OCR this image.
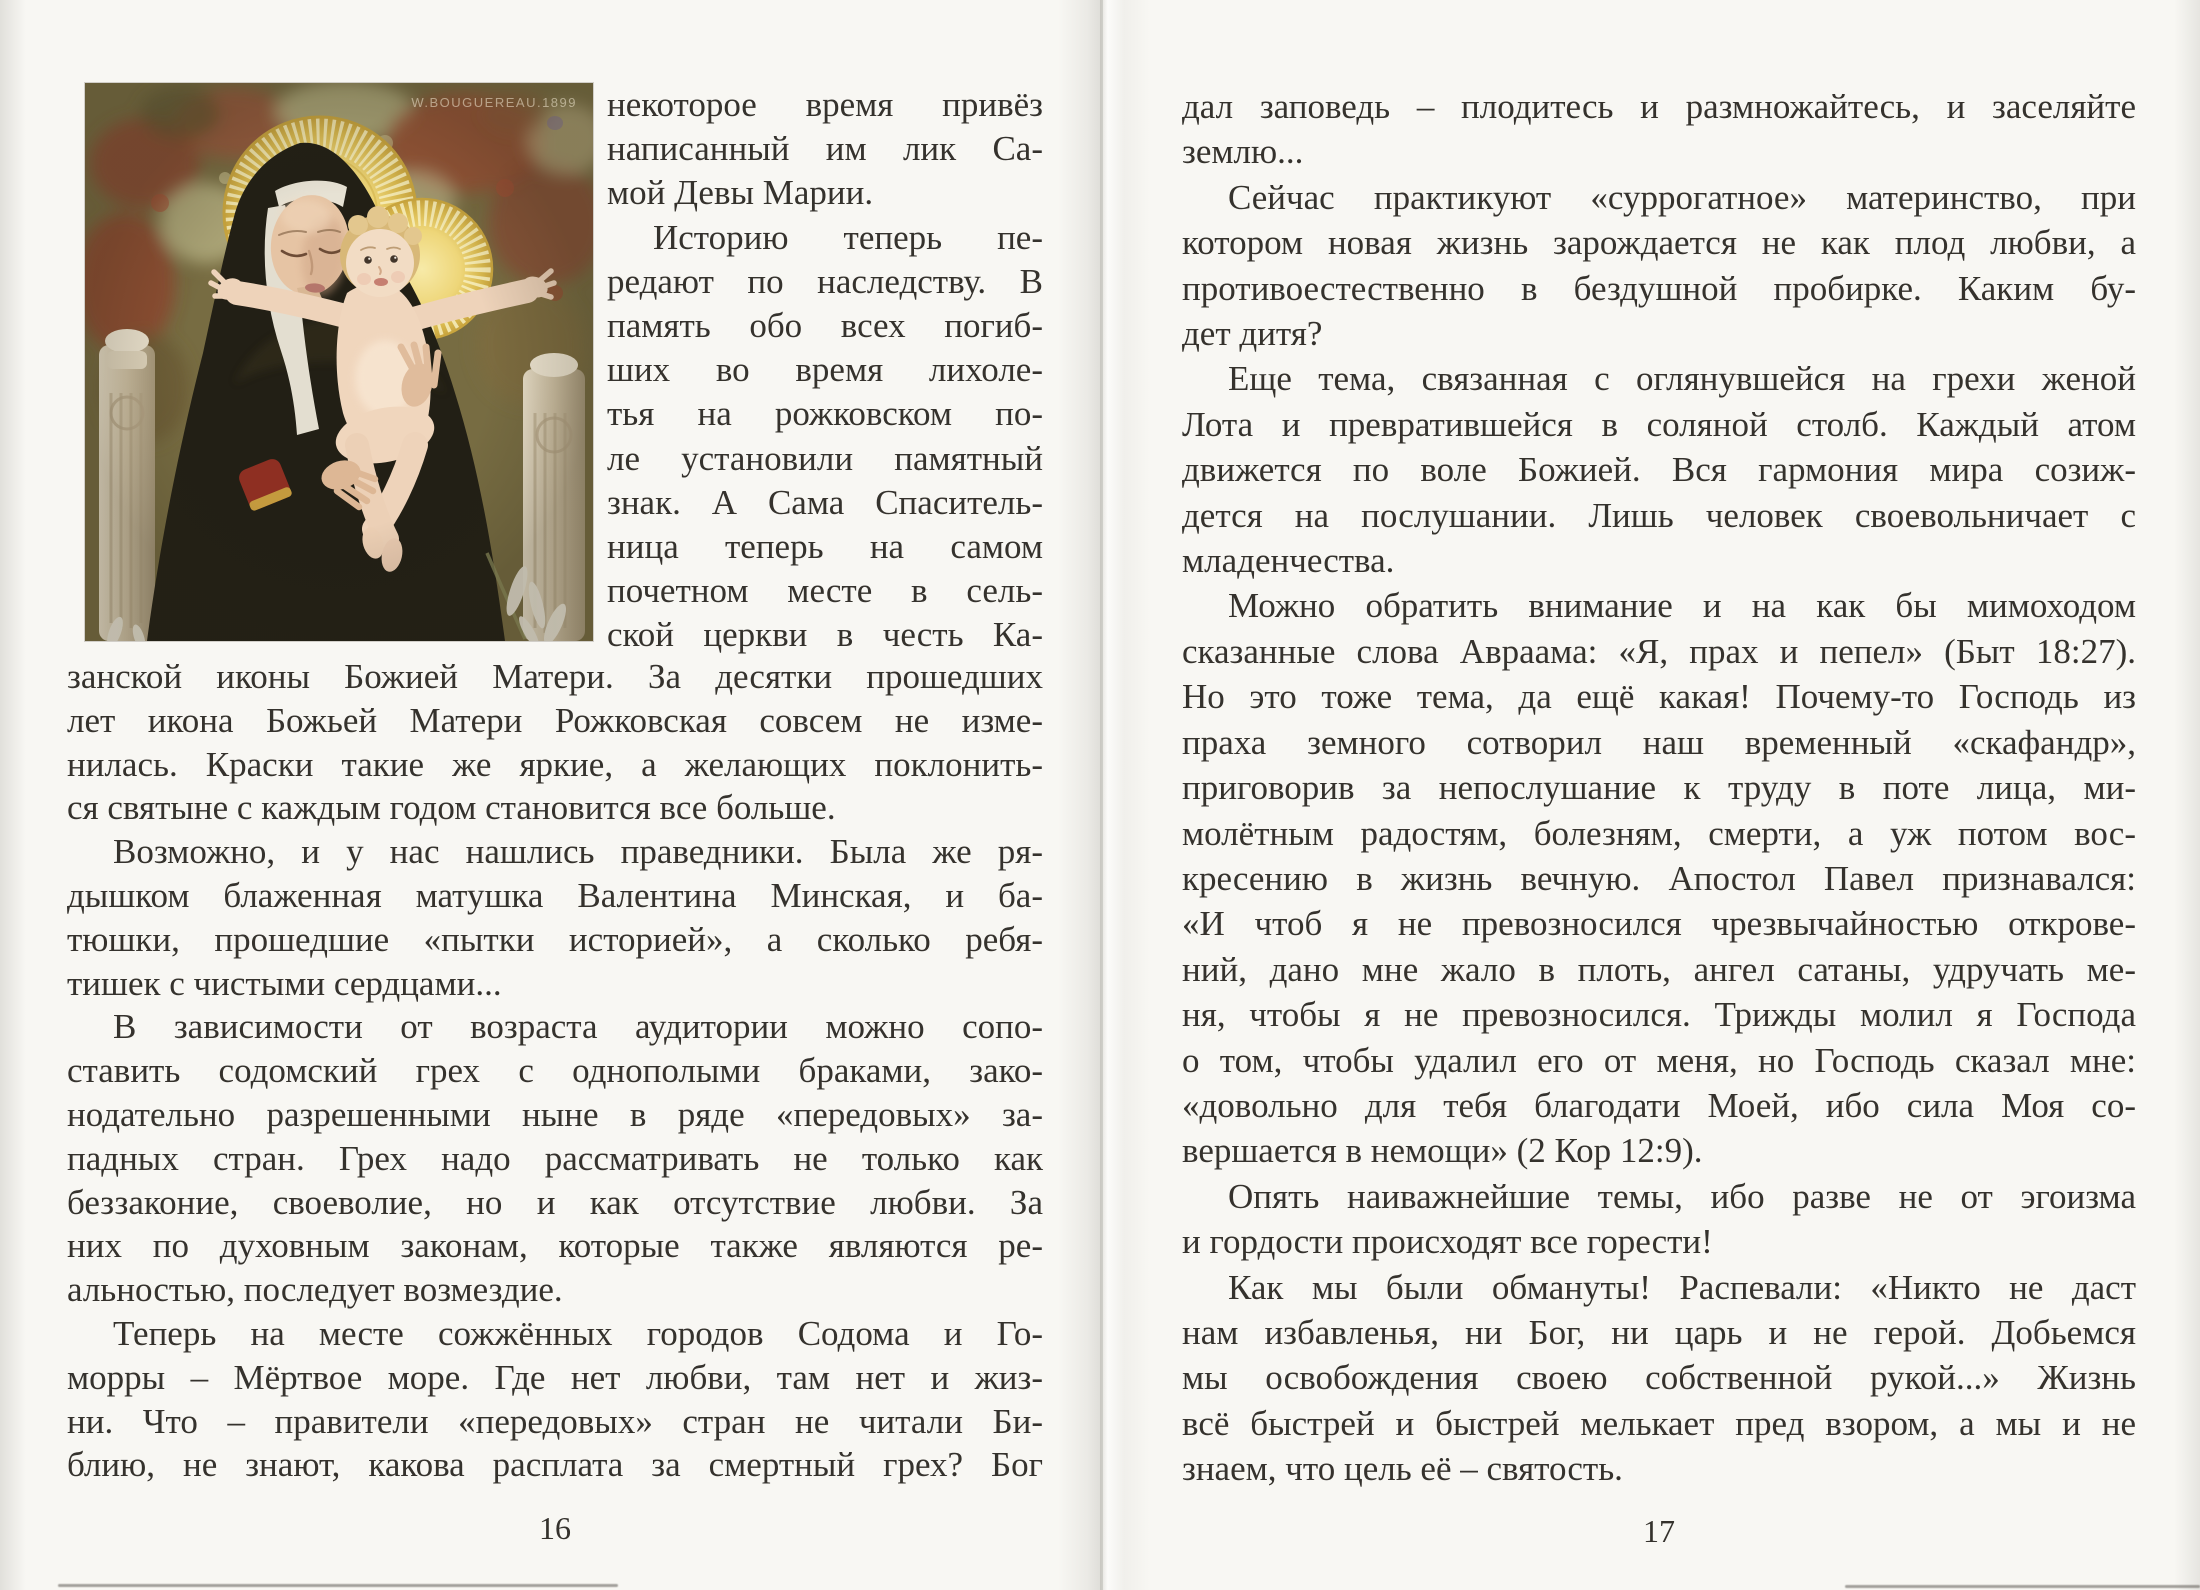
W.BOUGUEREAU.1899 некоторое время привёз
написанный им лик Са-
мой Девы Марии.
Историю теперь пе-
редают по наследству. В
память обо всех погиб-
ших во время лихоле-
тья на рожковском по-
ле установили памятный
знак. А Сама Спаситель-
ница теперь на самом
почетном месте в сель-
ской церкви в честь Ка-
занской иконы Божией Матери. За десятки прошедших
лет икона Божьей Матери Рожковская совсем не изме-
нилась. Краски такие же яркие, а желающих поклонить-
ся святыне с каждым годом становится все больше.
Возможно, и у нас нашлись праведники. Была же ря-
дышком блаженная матушка Валентина Минская, и ба-
тюшки, прошедшие «пытки историей», а сколько ребя-
тишек с чистыми сердцами...
В зависимости от возраста аудитории можно сопо-
ставить содомский грех с однополыми браками, зако-
нодательно разрешенными ныне в ряде «передовых» за-
падных стран. Грех надо рассматривать не только как
беззаконие, своеволие, но и как отсутствие любви. За
них по духовным законам, которые также являются ре-
альностью, последует возмездие.
Теперь на месте сожжённых городов Содома и Го-
морры – Мёртвое море. Где нет любви, там нет и жиз-
ни. Что – правители «передовых» стран не читали Би-
блию, не знают, какова расплата за смертный грех? Бог
16
дал заповедь – плодитесь и размножайтесь, и заселяйте
землю...
Сейчас практикуют «суррогатное» материнство, при
котором новая жизнь зарождается не как плод любви, а
противоестественно в бездушной пробирке. Каким бу-
дет дитя?
Еще тема, связанная с оглянувшейся на грехи женой
Лота и превратившейся в соляной столб. Каждый атом
движется по воле Божией. Вся гармония мира созиж-
дется на послушании. Лишь человек своевольничает с
младенчества.
Можно обратить внимание и на как бы мимоходом
сказанные слова Авраама: «Я, прах и пепел» (Быт 18:27).
Но это тоже тема, да ещё какая! Почему-то Господь из
праха земного сотворил наш временный «скафандр»,
приговорив за непослушание к труду в поте лица, ми-
молётным радостям, болезням, смерти, а уж потом вос-
кресению в жизнь вечную. Апостол Павел признавался:
«И чтоб я не превозносился чрезвычайностью открове-
ний, дано мне жало в плоть, ангел сатаны, удручать ме-
ня, чтобы я не превозносился. Трижды молил я Господа
о том, чтобы удалил его от меня, но Господь сказал мне:
«довольно для тебя благодати Моей, ибо сила Моя со-
вершается в немощи» (2 Кор 12:9).
Опять наиважнейшие темы, ибо разве не от эгоизма
и гордости происходят все горести!
Как мы были обмануты! Распевали: «Никто не даст
нам избавленья, ни Бог, ни царь и не герой. Добьемся
мы освобождения своею собственной рукой...» Жизнь
всё быстрей и быстрей мелькает пред взором, а мы и не
знаем, что цель её – святость.
17
